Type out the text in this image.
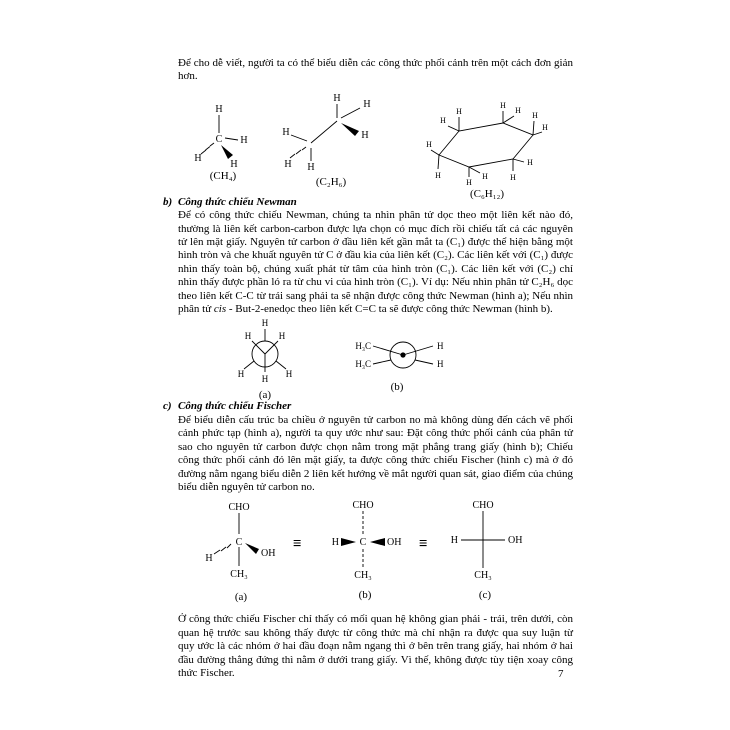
Để cho dễ viết, người ta có thể biểu diễn các công thức phối cảnh trên một cách đơn giản hơn.

H
C H
H
H
(CH₄)
H
H
H
H
H
H
(C₂H₆)
H
H
H
H	H
H
H
H
H
H
H
H
(C₆H₁₂)
b) Công thức chiếu Newman

Để có công thức chiếu Newman, chúng ta nhìn phân tử dọc theo một liên kết nào đó, thường là liên kết carbon-carbon được lựa chọn có mục đích rồi chiếu tất cả các nguyên tử lên mặt giấy. Nguyên tử carbon ở đầu liên kết gần mắt ta (C₁) được thể hiện bằng một hình tròn và che khuất nguyên tử C ở đầu kia của liên kết (C₂). Các liên kết với (C₁) được nhìn thấy toàn bộ, chúng xuất phát từ tâm của hình tròn (C₁). Các liên kết với (C₂) chỉ nhìn thấy được phần ló ra từ chu vi của hình tròn (C₁). Ví dụ: Nếu nhìn phân tử C₂H₆ dọc theo liên kết C-C từ trái sang phải ta sẽ nhận được công thức Newman (hình a); Nếu nhìn phân tử cis - But-2-enedọc theo liên kết C=C ta sẽ được công thức Newman (hình b).

H	H
H
H	H
H
(a)
H₃C
H₃C
H
H
(b)
c) Công thức chiếu Fischer

Để biểu diễn cấu trúc ba chiều ở nguyên tử carbon no mà không dùng đến cách vẽ phối cảnh phức tạp (hình a), người ta quy ước như sau: Đặt công thức phối cảnh của phân tử sao cho nguyên tử carbon được chọn nằm trong mặt phẳng trang giấy (hình b); Chiếu công thức phối cảnh đó lên mặt giấy, ta được công thức chiếu Fischer (hình c) mà ở đó đường nằm ngang biểu diễn 2 liên kết hướng về mắt người quan sát, giao điểm của chúng biểu diễn nguyên tử carbon no.

CHO
C
H	OH
CH₃
(a)
≡
CHO
H C OH
CH₃
(b)
≡
CHO
H	OH
CH₃
(c)

Ở công thức chiếu Fischer chỉ thấy có mối quan hệ không gian phải - trái, trên dưới, còn quan hệ trước sau không thấy được từ công thức mà chỉ nhận ra được qua suy luận từ quy ước là các nhóm ở hai đầu đoạn nằm ngang thì ở bên trên trang giấy, hai nhóm ở hai đầu đường thẳng đứng thì nằm ở dưới trang giấy. Vì thế, không được tùy tiện xoay công thức Fischer.	7
